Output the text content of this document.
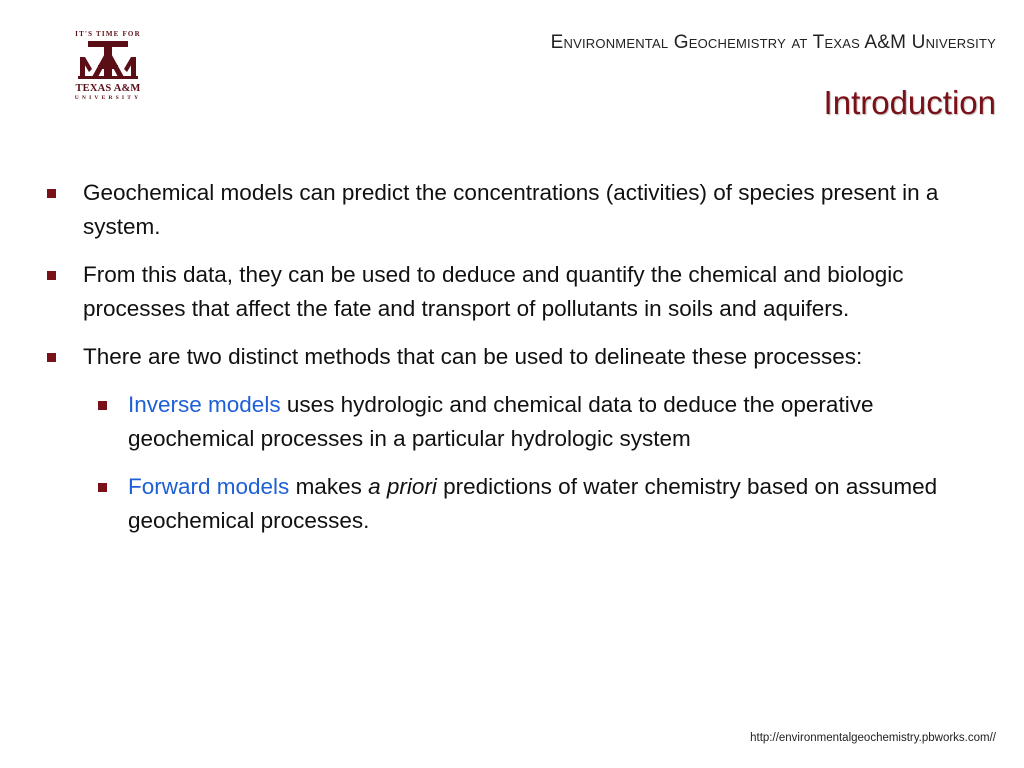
IT'S TIME FOR
TEXAS A&M
UNIVERSITY
Environmental Geochemistry at Texas A&M University
Introduction
Geochemical models can predict the concentrations (activities) of species present in a system.
From this data, they can be used to deduce and quantify the chemical and biologic processes that affect the fate and transport of pollutants in soils and aquifers.
There are two distinct methods that can be used to delineate these processes:
Inverse models uses hydrologic and chemical data to deduce the operative geochemical processes in a particular hydrologic system
Forward models makes a priori predictions of water chemistry based on assumed geochemical processes.
http://environmentalgeochemistry.pbworks.com//
